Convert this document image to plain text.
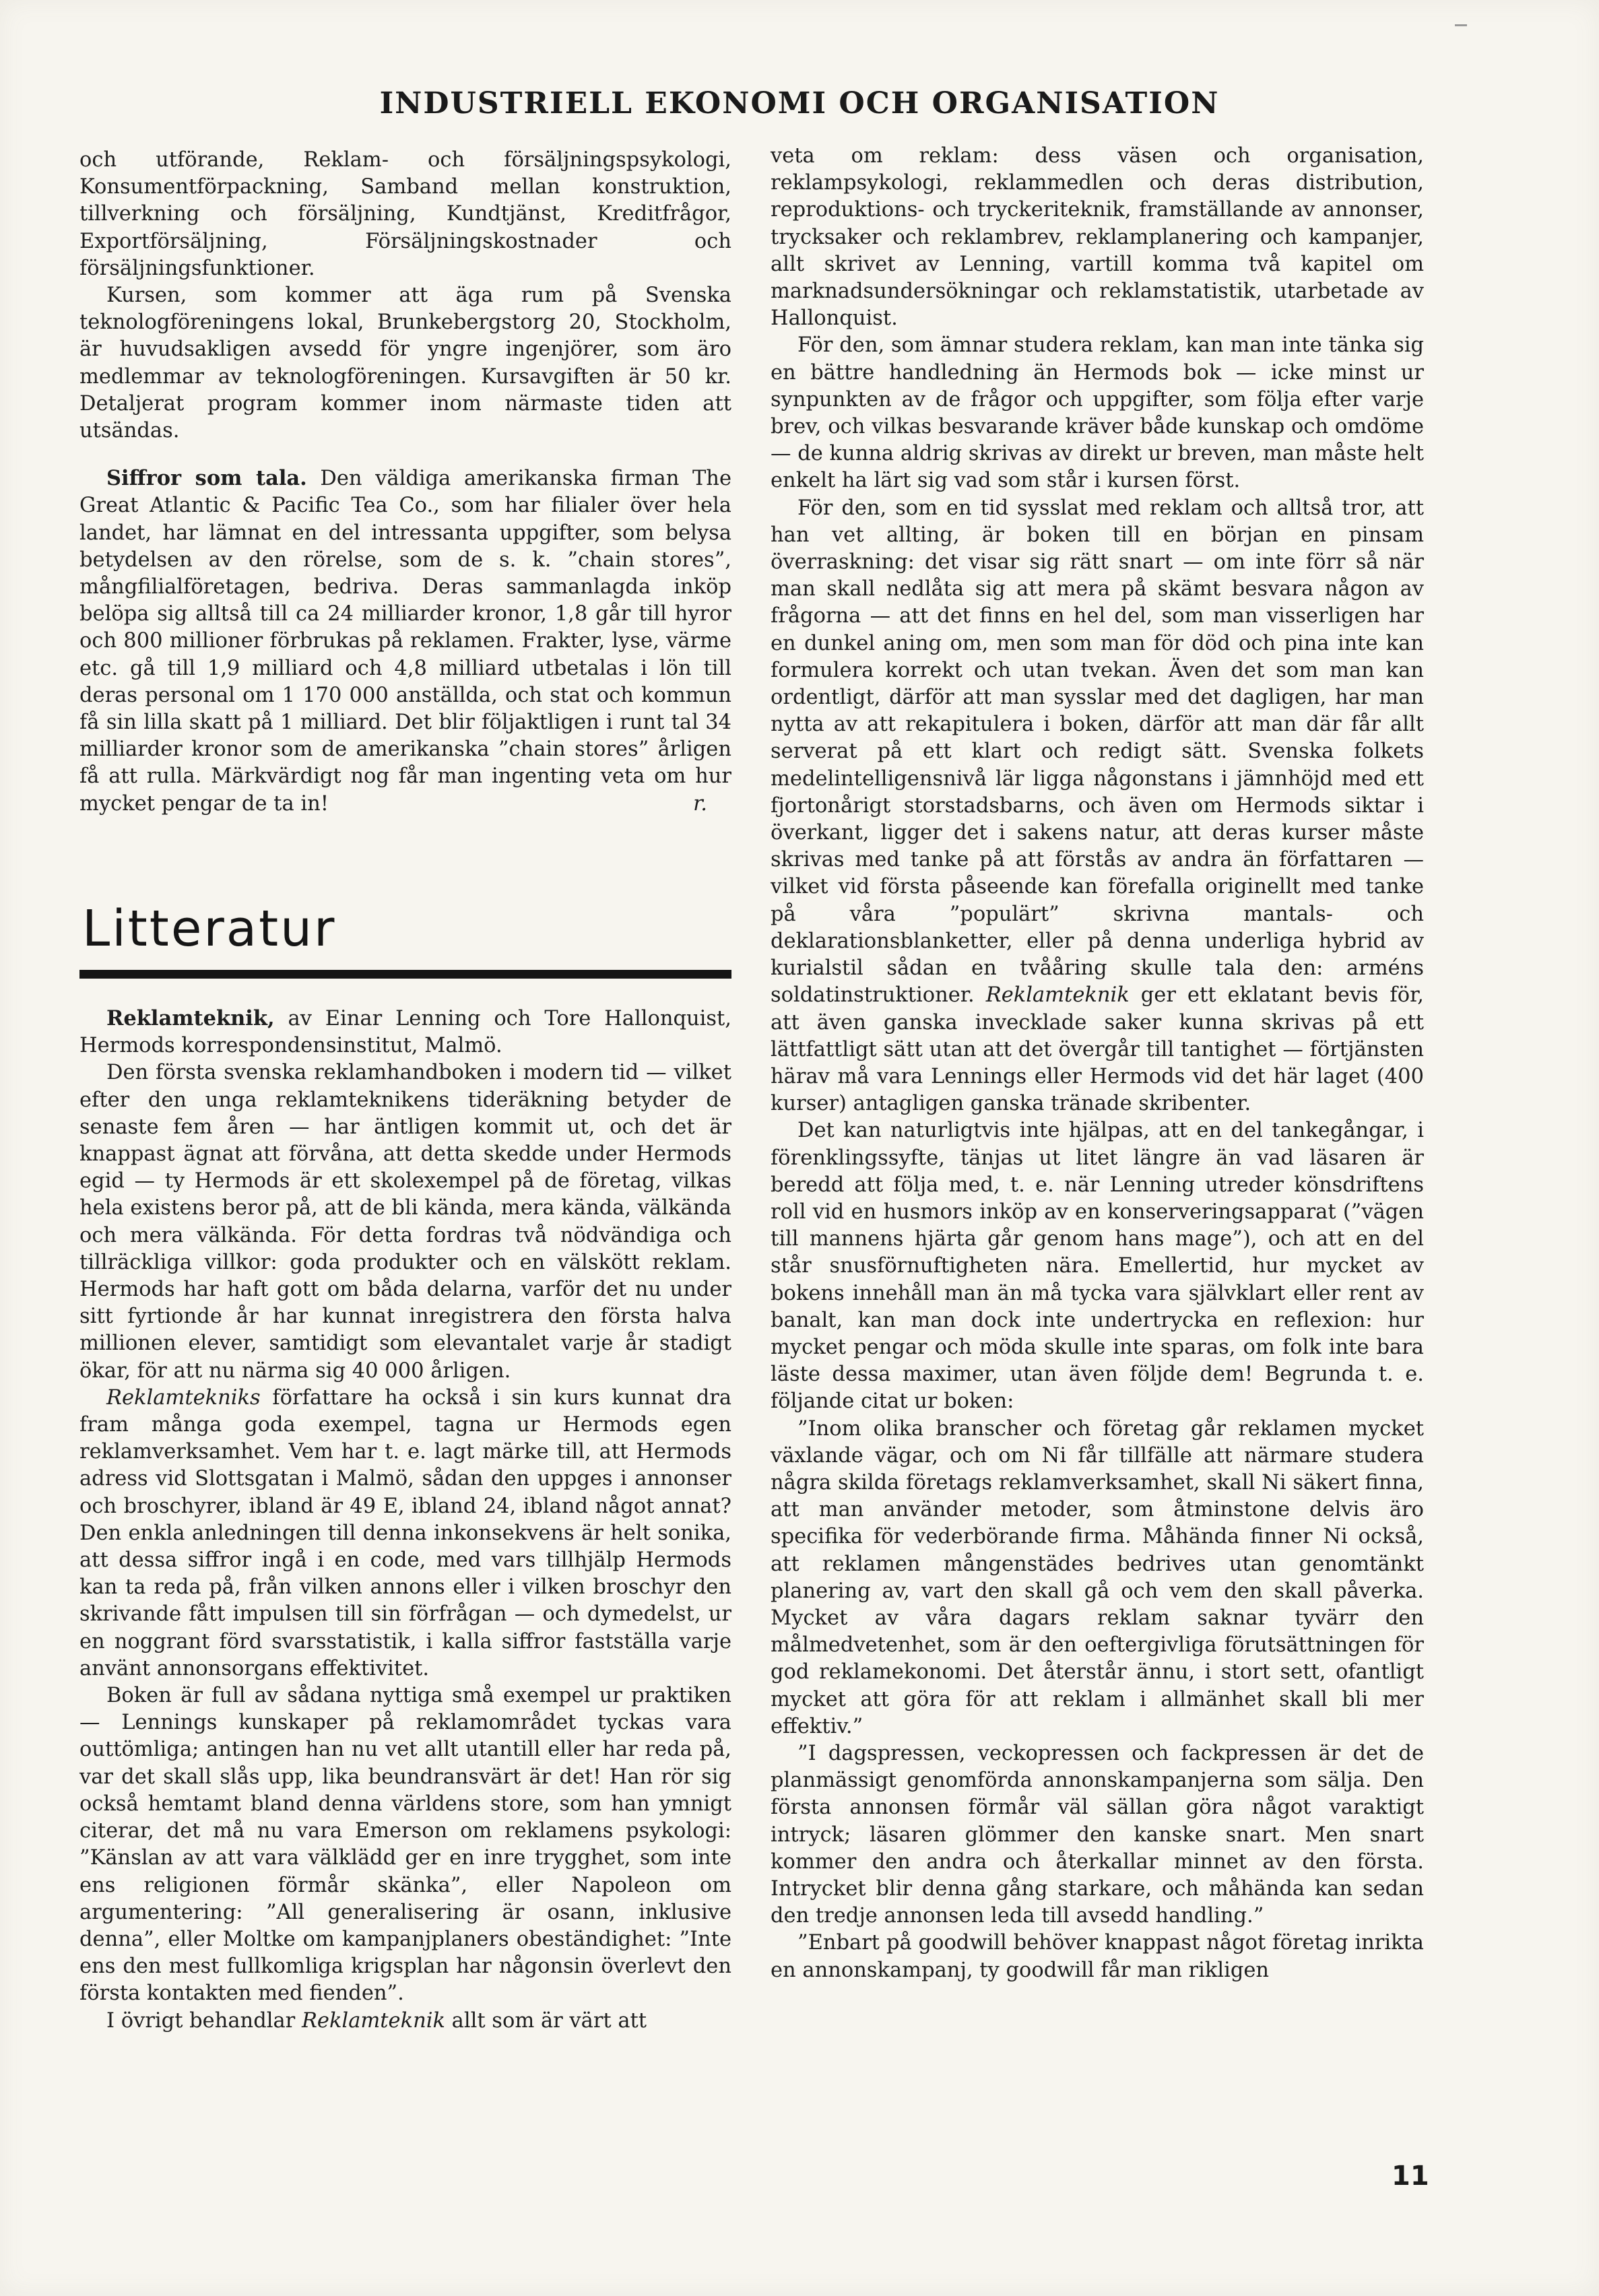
INDUSTRIELL EKONOMI OCH ORGANISATION

och utförande, Reklam- och försäljningspsykologi, Konsumentförpackning, Samband mellan konstruktion, tillverkning och försäljning, Kundtjänst, Kreditfrågor, Exportförsäljning, Försäljningskostnader och försäljningsfunktioner.

Kursen, som kommer att äga rum på Svenska teknologföreningens lokal, Brunkebergstorg 20, Stockholm, är huvudsakligen avsedd för yngre ingenjörer, som äro medlemmar av teknologföreningen. Kursavgiften är 50 kr. Detaljerat program kommer inom närmaste tiden att utsändas.

Siffror som tala. Den väldiga amerikanska firman The Great Atlantic & Pacific Tea Co., som har filialer över hela landet, har lämnat en del intressanta uppgifter, som belysa betydelsen av den rörelse, som de s. k. ”chain stores”, mångfilialföretagen, bedriva. Deras sammanlagda inköp belöpa sig alltså till ca 24 milliarder kronor, 1,8 går till hyror och 800 millioner förbrukas på reklamen. Frakter, lyse, värme etc. gå till 1,9 milliard och 4,8 milliard utbetalas i lön till deras personal om 1 170 000 anställda, och stat och kommun få sin lilla skatt på 1 milliard. Det blir följaktligen i runt tal 34 milliarder kronor som de amerikanska ”chain stores” årligen få att rulla. Märkvärdigt nog får man ingenting veta om hur mycket pengar de ta in!	r.

Litteratur

Reklamteknik, av Einar Lenning och Tore Hallonquist, Hermods korrespondensinstitut, Malmö.

Den första svenska reklamhandboken i modern tid — vilket efter den unga reklamteknikens tideräkning betyder de senaste fem åren — har äntligen kommit ut, och det är knappast ägnat att förvåna, att detta skedde under Hermods egid — ty Hermods är ett skolexempel på de företag, vilkas hela existens beror på, att de bli kända, mera kända, välkända och mera välkända. För detta fordras två nödvändiga och tillräckliga villkor: goda produkter och en välskött reklam. Hermods har haft gott om båda delarna, varför det nu under sitt fyrtionde år har kunnat inregistrera den första halva millionen elever, samtidigt som elevantalet varje år stadigt ökar, för att nu närma sig 40 000 årligen.

Reklamtekniks författare ha också i sin kurs kunnat dra fram många goda exempel, tagna ur Hermods egen reklamverksamhet. Vem har t. e. lagt märke till, att Hermods adress vid Slottsgatan i Malmö, sådan den uppges i annonser och broschyrer, ibland är 49 E, ibland 24, ibland något annat? Den enkla anledningen till denna inkonsekvens är helt sonika, att dessa siffror ingå i en code, med vars tillhjälp Hermods kan ta reda på, från vilken annons eller i vilken broschyr den skrivande fått impulsen till sin förfrågan — och dymedelst, ur en noggrant förd svarsstatistik, i kalla siffror fastställa varje använt annonsorgans effektivitet.

Boken är full av sådana nyttiga små exempel ur praktiken — Lennings kunskaper på reklamområdet tyckas vara outtömliga; antingen han nu vet allt utantill eller har reda på, var det skall slås upp, lika beundransvärt är det! Han rör sig också hemtamt bland denna världens store, som han ymnigt citerar, det må nu vara Emerson om reklamens psykologi: ”Känslan av att vara välklädd ger en inre trygghet, som inte ens religionen förmår skänka”, eller Napoleon om argumentering: ”All generalisering är osann, inklusive denna”, eller Moltke om kampanjplaners obeständighet: ”Inte ens den mest fullkomliga krigsplan har någonsin överlevt den första kontakten med fienden”.

I övrigt behandlar Reklamteknik allt som är värt att

veta om reklam: dess väsen och organisation, reklampsykologi, reklammedlen och deras distribution, reproduktions- och tryckeriteknik, framställande av annonser, trycksaker och reklambrev, reklamplanering och kampanjer, allt skrivet av Lenning, vartill komma två kapitel om marknadsundersökningar och reklamstatistik, utarbetade av Hallonquist.

För den, som ämnar studera reklam, kan man inte tänka sig en bättre handledning än Hermods bok — icke minst ur synpunkten av de frågor och uppgifter, som följa efter varje brev, och vilkas besvarande kräver både kunskap och omdöme — de kunna aldrig skrivas av direkt ur breven, man måste helt enkelt ha lärt sig vad som står i kursen först.

För den, som en tid sysslat med reklam och alltså tror, att han vet allting, är boken till en början en pinsam överraskning: det visar sig rätt snart — om inte förr så när man skall nedlåta sig att mera på skämt besvara någon av frågorna — att det finns en hel del, som man visserligen har en dunkel aning om, men som man för död och pina inte kan formulera korrekt och utan tvekan. Även det som man kan ordentligt, därför att man sysslar med det dagligen, har man nytta av att rekapitulera i boken, därför att man där får allt serverat på ett klart och redigt sätt. Svenska folkets medelintelligensnivå lär ligga någonstans i jämnhöjd med ett fjortonårigt storstadsbarns, och även om Hermods siktar i överkant, ligger det i sakens natur, att deras kurser måste skrivas med tanke på att förstås av andra än författaren — vilket vid första påseende kan förefalla originellt med tanke på våra ”populärt” skrivna mantals- och deklarationsblanketter, eller på denna underliga hybrid av kurialstil sådan en tvååring skulle tala den: arméns soldatinstruktioner. Reklamteknik ger ett eklatant bevis för, att även ganska invecklade saker kunna skrivas på ett lättfattligt sätt utan att det övergår till tantighet — förtjänsten härav må vara Lennings eller Hermods vid det här laget (400 kurser) antagligen ganska tränade skribenter.

Det kan naturligtvis inte hjälpas, att en del tankegångar, i förenklingssyfte, tänjas ut litet längre än vad läsaren är beredd att följa med, t. e. när Lenning utreder könsdriftens roll vid en husmors inköp av en konserveringsapparat (”vägen till mannens hjärta går genom hans mage”), och att en del står snusförnuftigheten nära. Emellertid, hur mycket av bokens innehåll man än må tycka vara självklart eller rent av banalt, kan man dock inte undertrycka en reflexion: hur mycket pengar och möda skulle inte sparas, om folk inte bara läste dessa maximer, utan även följde dem! Begrunda t. e. följande citat ur boken:

”Inom olika branscher och företag går reklamen mycket växlande vägar, och om Ni får tillfälle att närmare studera några skilda företags reklamverksamhet, skall Ni säkert finna, att man använder metoder, som åtminstone delvis äro specifika för vederbörande firma. Måhända finner Ni också, att reklamen mångenstädes bedrives utan genomtänkt planering av, vart den skall gå och vem den skall påverka. Mycket av våra dagars reklam saknar tyvärr den målmedvetenhet, som är den oeftergivliga förutsättningen för god reklamekonomi. Det återstår ännu, i stort sett, ofantligt mycket att göra för att reklam i allmänhet skall bli mer effektiv.”

”I dagspressen, veckopressen och fackpressen är det de planmässigt genomförda annonskampanjerna som sälja. Den första annonsen förmår väl sällan göra något varaktigt intryck; läsaren glömmer den kanske snart. Men snart kommer den andra och återkallar minnet av den första. Intrycket blir denna gång starkare, och måhända kan sedan den tredje annonsen leda till avsedd handling.”

”Enbart på goodwill behöver knappast något företag inrikta en annonskampanj, ty goodwill får man rikligen

11
